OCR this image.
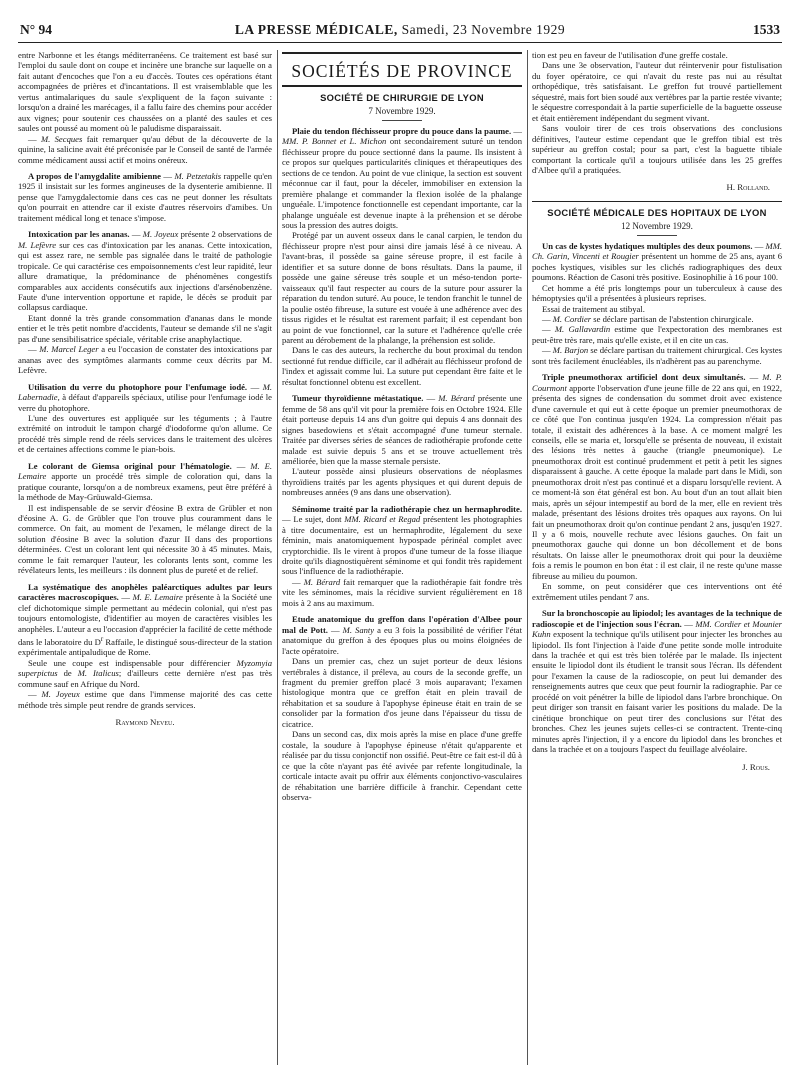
N° 94	LA PRESSE MÉDICALE, Samedi, 23 Novembre 1929	1533

entre Narbonne et les étangs méditerranéens. Ce traitement est basé sur l'emploi du saule dont on coupe et incinère une branche sur laquelle on a fait autant d'encoches que l'on a eu d'accès. Toutes ces opérations étant accompagnées de prières et d'incantations. Il est vraisemblable que les vertus antimalariques du saule s'expliquent de la façon suivante : lorsqu'on a drainé les marécages, il a fallu faire des chemins pour accéder aux vignes; pour soutenir ces chaussées on a planté des saules et ces saules ont poussé au moment où le paludisme disparaissait.

— M. Secques fait remarquer qu'au début de la découverte de la quinine, la salicine avait été préconisée par le Conseil de santé de l'armée comme médicament aussi actif et moins onéreux.

A propos de l'amygdalite amibienne — M. Petzetakis rappelle qu'en 1925 il insistait sur les formes angineuses de la dysenterie amibienne. Il pense que l'amygdalectomie dans ces cas ne peut donner les résultats qu'on pourrait en attendre car il existe d'autres réservoirs d'amibes. Un traitement médical long et tenace s'impose.

Intoxication par les ananas. — M. Joyeux présente 2 observations de M. Lefèvre sur ces cas d'intoxication par les ananas. Cette intoxication, qui est assez rare, ne semble pas signalée dans le traité de pathologie tropicale. Ce qui caractérise ces empoisonnements c'est leur rapidité, leur allure dramatique, la prédominance de phénomènes congestifs comparables aux accidents consécutifs aux injections d'arsénobenzène. Faute d'une intervention opportune et rapide, le décès se produit par collapsus cardiaque.

Etant donné la très grande consommation d'ananas dans le monde entier et le très petit nombre d'accidents, l'auteur se demande s'il ne s'agit pas d'une sensibilisatrice spéciale, véritable crise anaphylactique.

— M. Marcel Leger a eu l'occasion de constater des intoxications par ananas avec des symptômes alarmants comme ceux décrits par M. Lefèvre.

Utilisation du verre du photophore pour l'enfumage iodé. — M. Labernadie, à défaut d'appareils spéciaux, utilise pour l'enfumage iodé le verre du photophore.

L'une des ouvertures est appliquée sur les téguments ; à l'autre extrémité on introduit le tampon chargé d'iodoforme qu'on allume. Ce procédé très simple rend de réels services dans le traitement des ulcères et de certaines affections comme le pian-bois.

Le colorant de Giemsa original pour l'hématologie. — M. E. Lemaire apporte un procédé très simple de coloration qui, dans la pratique courante, lorsqu'on a de nombreux examens, peut être préféré à la méthode de May-Grüuwald-Giemsa.

Il est indispensable de se servir d'éosine B extra de Grübler et non d'éosine A. G. de Grübler que l'on trouve plus couramment dans le commerce. On fait, au moment de l'examen, le mélange direct de la solution d'éosine B avec la solution d'azur II dans des proportions déterminées. C'est un colorant lent qui nécessite 30 à 45 minutes. Mais, comme le fait remarquer l'auteur, les colorants lents sont, comme les révélateurs lents, les meilleurs : ils donnent plus de pureté et de relief.

La systématique des anophèles paléarctiques adultes par leurs caractères macroscopiques. — M. E. Lemaire présente à la Société une clef dichotomique simple permettant au médecin colonial, qui n'est pas toujours entomologiste, d'identifier au moyen de caractères visibles les anophèles. L'auteur a eu l'occasion d'apprécier la facilité de cette méthode dans le laboratoire du $D^r$ Raffaile, le distingué sous-directeur de la station expérimentale antipaludique de Rome.

Seule une coupe est indispensable pour différencier Myzomyia superpictus de M. Italicus; d'ailleurs cette dernière n'est pas très commune sauf en Afrique du Nord.

— M. Joyeux estime que dans l'immense majorité des cas cette méthode très simple peut rendre de grands services.

Raymond Neveu.
SOCIÉTÉS DE PROVINCE
SOCIÉTÉ DE CHIRURGIE DE LYON
7 Novembre 1929.

Plaie du tendon fléchisseur propre du pouce dans la paume. — MM. P. Bonnet et L. Michon ont secondairement suturé un tendon fléchisseur propre du pouce sectionné dans la paume. Ils insistent à ce propos sur quelques particularités cliniques et thérapeutiques des sections de ce tendon. Au point de vue clinique, la section est souvent méconnue car il faut, pour la déceler, immobiliser en extension la première phalange et commander la flexion isolée de la phalange unguéale. L'impotence fonctionnelle est cependant importante, car la phalange unguéale est devenue inapte à la préhension et se dérobe sous la pression des autres doigts.

Protégé par un auvent osseux dans le canal carpien, le tendon du fléchisseur propre n'est pour ainsi dire jamais lésé à ce niveau. A l'avant-bras, il possède sa gaine séreuse propre, il est facile à identifier et sa suture donne de bons résultats. Dans la paume, il possède une gaine séreuse très souple et un méso-tendon porte-vaisseaux qu'il faut respecter au cours de la suture pour assurer la réparation du tendon suturé. Au pouce, le tendon franchit le tunnel de la poulie ostéo fibreuse, la suture est vouée à une adhérence avec des tissus rigides et le résultat est rarement parfait; il est cependant bon au point de vue fonctionnel, car la suture et l'adhérence qu'elle crée parent au dérobement de la phalange, la préhension est solide.

Dans le cas des auteurs, la recherche du bout proximal du tendon sectionné fut rendue difficile, car il adhérait au fléchisseur profond de l'index et agissait comme lui. La suture put cependant être faite et le résultat fonctionnel obtenu est excellent.

Tumeur thyroïdienne métastatique. — M. Bérard présente une femme de 58 ans qu'il vit pour la première fois en Octobre 1924. Elle était porteuse depuis 14 ans d'un goitre qui depuis 4 ans donnait des signes basedowiens et s'était accompagné d'une tumeur sternale. Traitée par diverses séries de séances de radiothérapie profonde cette malade est suivie depuis 5 ans et se trouve actuellement très améliorée, bien que la masse sternale persiste.

L'auteur possède ainsi plusieurs observations de néoplasmes thyroïdiens traités par les agents physiques et qui durent depuis de nombreuses années (9 ans dans une observation).

Séminome traité par la radiothérapie chez un hermaphrodite. — Le sujet, dont MM. Ricard et Regad présentent les photographies à titre documentaire, est un hermaphrodite, légalement du sexe féminin, mais anatomiquement hypospade périnéal complet avec cryptorchidie. Ils le virent à propos d'une tumeur de la fosse iliaque droite qu'ils diagnostiquèrent séminome et qui fondit très rapidement sous l'influence de la radiothérapie.

— M. Bérard fait remarquer que la radiothérapie fait fondre très vite les séminomes, mais la récidive survient régulièrement en 18 mois à 2 ans au maximum.

Etude anatomique du greffon dans l'opération d'Albee pour mal de Pott. — M. Santy a eu 3 fois la possibilité de vérifier l'état anatomique du greffon à des époques plus ou moins éloignées de l'acte opératoire.

Dans un premier cas, chez un sujet porteur de deux lésions vertébrales à distance, il préleva, au cours de la seconde greffe, un fragment du premier greffon placé 3 mois auparavant; l'examen histologique montra que ce greffon était en plein travail de réhabitation et sa soudure à l'apophyse épineuse était en train de se consolider par la formation d'os jeune dans l'épaisseur du tissu de cicatrice.

Dans un second cas, dix mois après la mise en place d'une greffe costale, la soudure à l'apophyse épineuse n'était qu'apparente et réalisée par du tissu conjonctif non ossifié. Peut-être ce fait est-il dû à ce que la côte n'ayant pas été avivée par refente longitudinale, la corticale intacte avait pu offrir aux éléments conjonctivo-vasculaires de réhabitation une barrière difficile à franchir. Cependant cette observa-

tion est peu en faveur de l'utilisation d'une greffe costale.

Dans une 3e observation, l'auteur dut réintervenir pour fistulisation du foyer opératoire, ce qui n'avait du reste pas nui au résultat orthopédique, très satisfaisant. Le greffon fut trouvé partiellement séquestré, mais fort bien soudé aux vertèbres par la partie restée vivante; le séquestre correspondait à la partie superficielle de la baguette osseuse et était entièrement indépendant du segment vivant.

Sans vouloir tirer de ces trois observations des conclusions définitives, l'auteur estime cependant que le greffon tibial est très supérieur au greffon costal; pour sa part, c'est la baguette tibiale comportant la corticale qu'il a toujours utilisée dans les 25 greffes d'Albee qu'il a pratiquées.

H. Rolland.
SOCIÉTÉ MÉDICALE DES HOPITAUX DE LYON
12 Novembre 1929.

Un cas de kystes hydatiques multiples des deux poumons. — MM. Ch. Garin, Vincenti et Rougier présentent un homme de 25 ans, ayant 6 poches kystiques, visibles sur les clichés radiographiques des deux poumons. Réaction de Casoni très positive. Eosinophilie à 16 pour 100.

Cet homme a été pris longtemps pour un tuberculeux à cause des hémoptysies qu'il a présentées à plusieurs reprises.

Essai de traitement au stibyal.

— M. Cordier se déclare partisan de l'abstention chirurgicale.

— M. Gallavardin estime que l'expectoration des membranes est peut-être très rare, mais qu'elle existe, et il en cite un cas.

— M. Barjon se déclare partisan du traitement chirurgical. Ces kystes sont très facilement énucléables, ils n'adhèrent pas au parenchyme.

Triple pneumothorax artificiel dont deux simultanés. — M. P. Courmont apporte l'observation d'une jeune fille de 22 ans qui, en 1922, présenta des signes de condensation du sommet droit avec existence d'une cavernule et qui eut à cette époque un premier pneumothorax de ce côté que l'on continua jusqu'en 1924. La compression n'était pas totale, il existait des adhérences à la base. A ce moment malgré les conseils, elle se maria et, lorsqu'elle se présenta de nouveau, il existait des lésions très nettes à gauche (triangle pneumonique). Le pneumothorax droit est continué prudemment et petit à petit les signes disparaissent à gauche. A cette époque la malade part dans le Midi, son pneumothorax droit n'est pas continué et a disparu lorsqu'elle revient. A ce moment-là son état général est bon. Au bout d'un an tout allait bien mais, après un séjour intempestif au bord de la mer, elle en revient très malade, présentant des lésions droites très opaques aux rayons. On lui fait un pneumothorax droit qu'on continue pendant 2 ans, jusqu'en 1927. Il y a 6 mois, nouvelle rechute avec lésions gauches. On fait un pneumothorax gauche qui donne un bon décollement et de bons résultats. On laisse aller le pneumothorax droit qui pour la deuxième fois a remis le poumon en bon état : il est clair, il ne reste qu'une masse fibreuse au milieu du poumon.

En somme, on peut considérer que ces interventions ont été extrêmement utiles pendant 7 ans.

Sur la bronchoscopie au lipiodol; les avantages de la technique de radioscopie et de l'injection sous l'écran. — MM. Cordier et Mounier Kuhn exposent la technique qu'ils utilisent pour injecter les bronches au lipiodol. Ils font l'injection à l'aide d'une petite sonde molle introduite dans la trachée et qui est très bien tolérée par le malade. Ils injectent ensuite le lipiodol dont ils étudient le transit sous l'écran. Ils défendent pour l'examen la cause de la radioscopie, on peut lui demander des renseignements autres que ceux que peut fournir la radiographie. Par ce procédé on voit pénétrer la bille de lipiodol dans l'arbre bronchique. On peut diriger son transit en faisant varier les positions du malade. De la cinétique bronchique on peut tirer des conclusions sur l'état des bronches. Chez les jeunes sujets celles-ci se contractent. Trente-cinq minutes après l'injection, il y a encore du lipiodol dans les bronches et dans la trachée et on a toujours l'aspect du feuillage alvéolaire.

J. Rous.
